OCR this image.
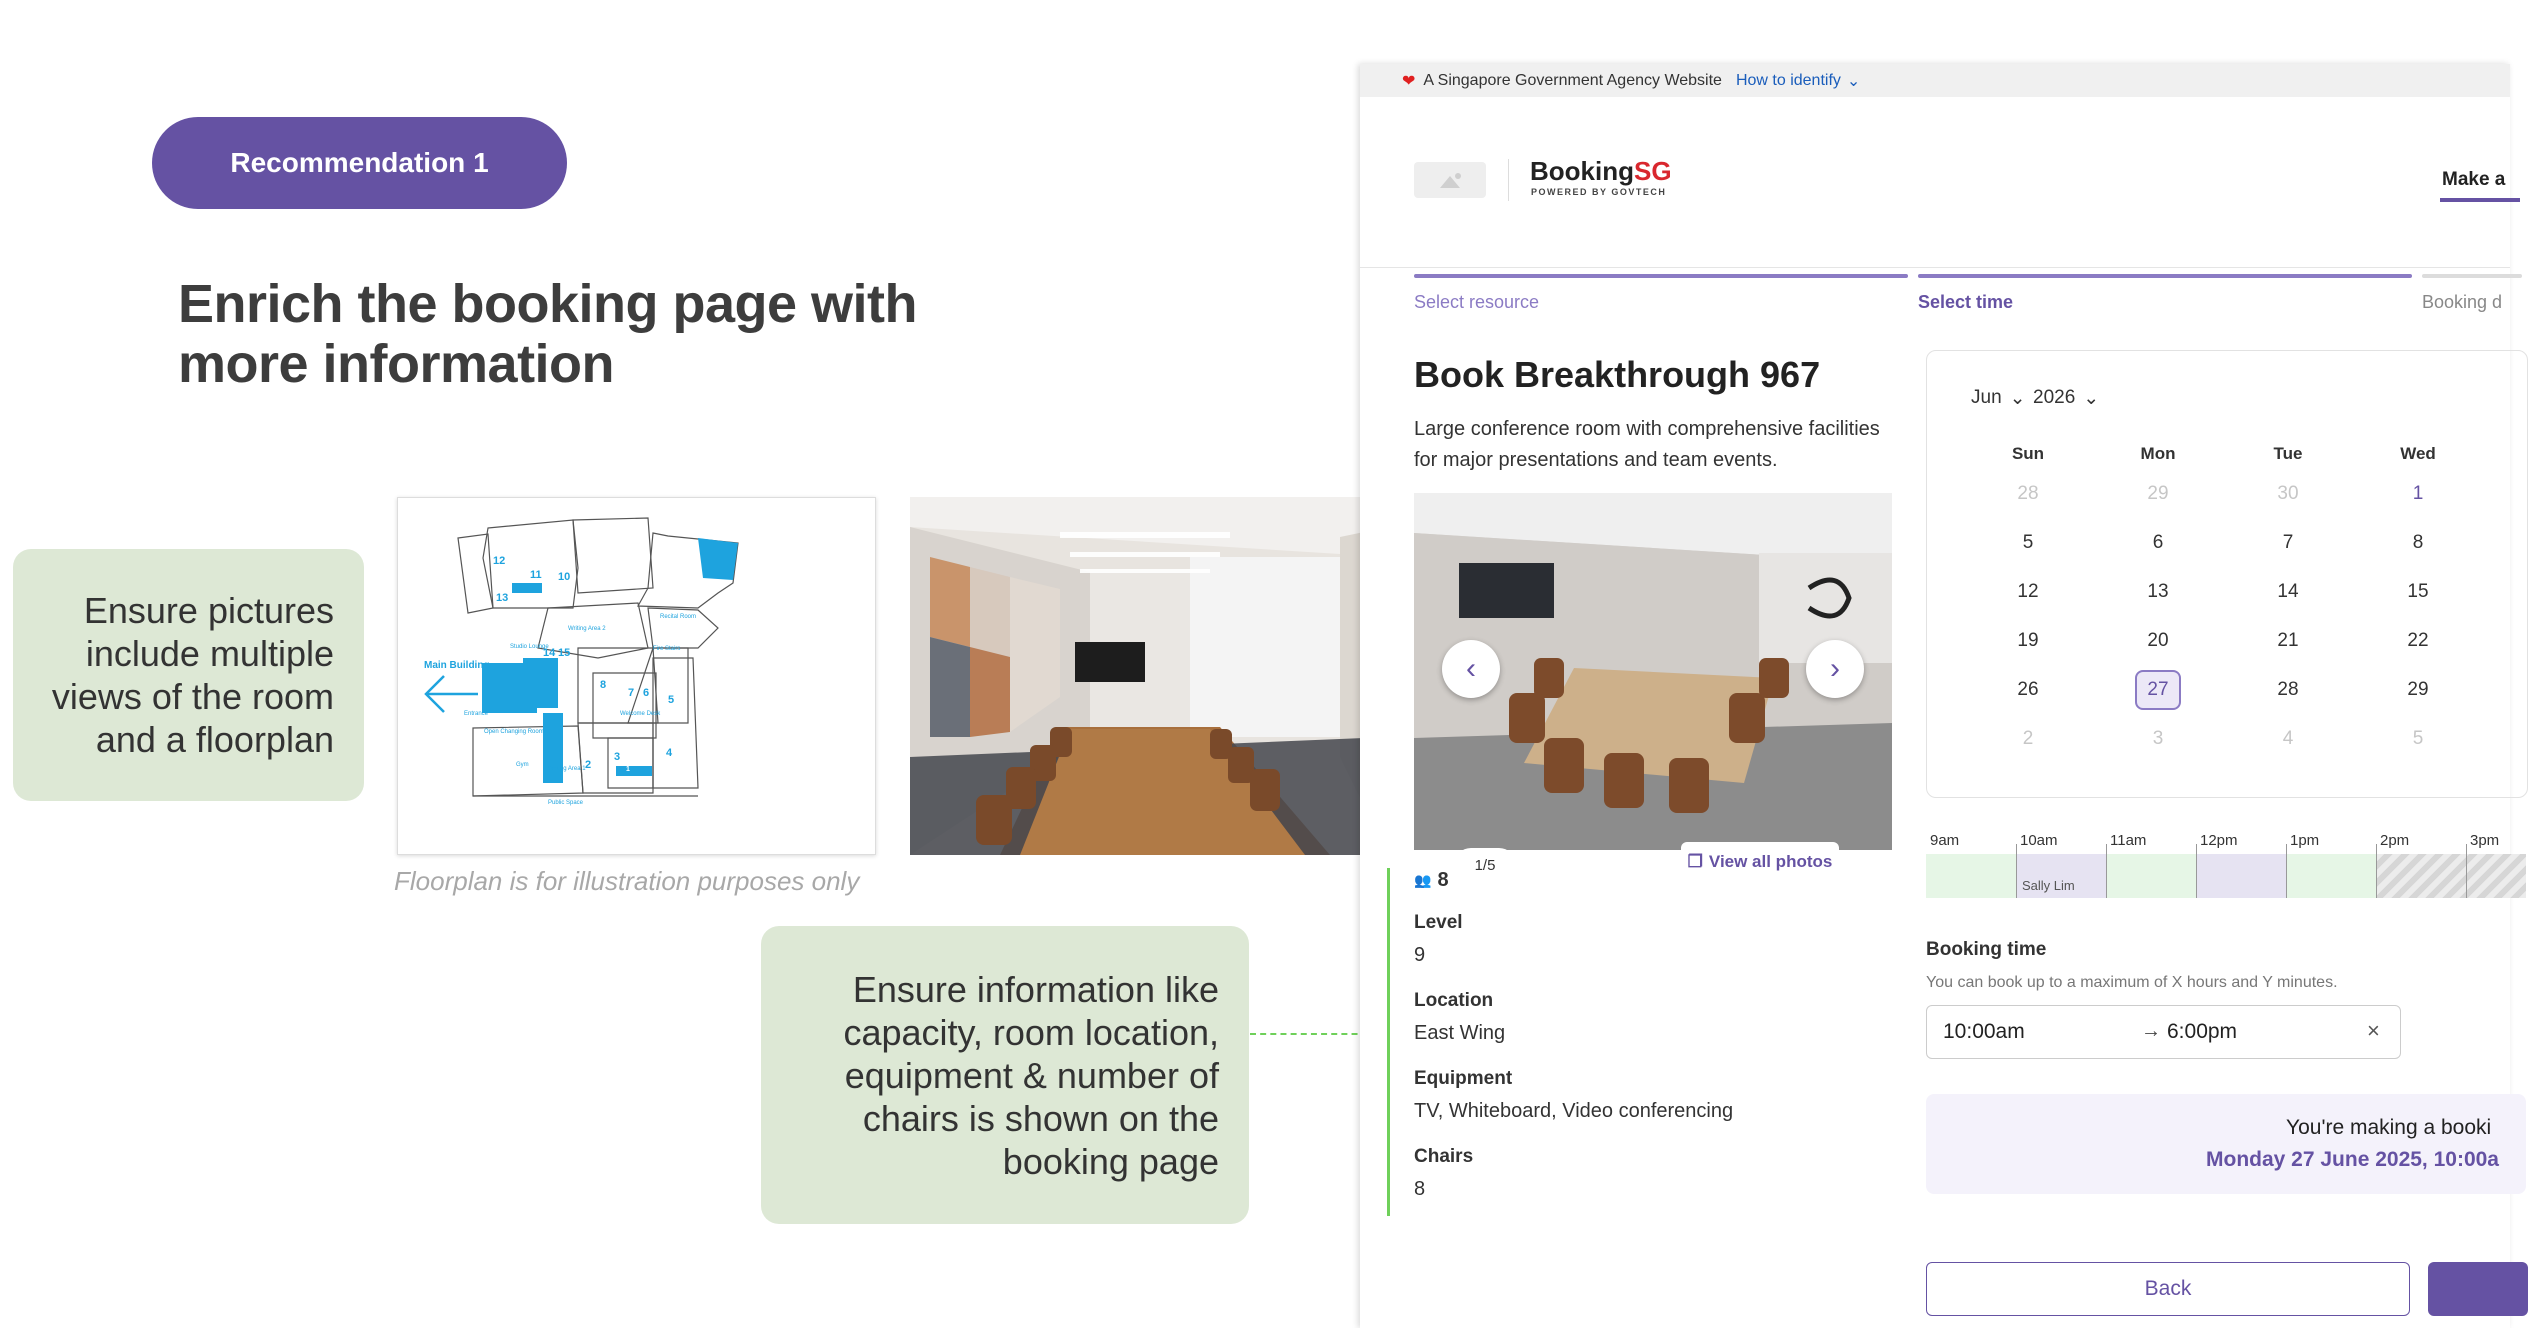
Recommendation 1
Enrich the booking page with more information
Ensure pictures include multiple views of the room and a floorplan
12
11 10
13
14 15
8
7 6
5
2
3	4
1
Gym
Entrance
Open Changing Room
Welcome Desk
Recital Room
Studio Lounge
Writing Area 2
Writing Area 1
Fire Stairs
Public Space
Main Building
Floorplan is for illustration purposes only
Ensure information like capacity, room location, equipment & number of chairs is shown on the booking page
❤ A Singapore Government Agency Website How to identify ⌄
BookingSG
POWERED BY GOVTECH
Make a
Select resource	Select time	Booking d
Book Breakthrough 967
Large conference room with comprehensive facilities for major presentations and team events.
‹	›
1/5	❐ View all photos
👥 8
Level
9
Location
East Wing
Equipment
TV, Whiteboard, Video conferencing
Chairs
8
Jun ⌄ 2026 ⌄
Sun	Mon	Tue	Wed
28	29	30	1
5	6	7	8
12	13	14	15
19	20	21	22
26	27	28	29
2	3	4	5
9am	10am	11am	12pm	1pm	2pm	3pm
Sally Lim
Booking time
You can book up to a maximum of X hours and Y minutes.
10:00am	→ 6:00pm	×
You're making a booki
Monday 27 June 2025, 10:00a
Back
